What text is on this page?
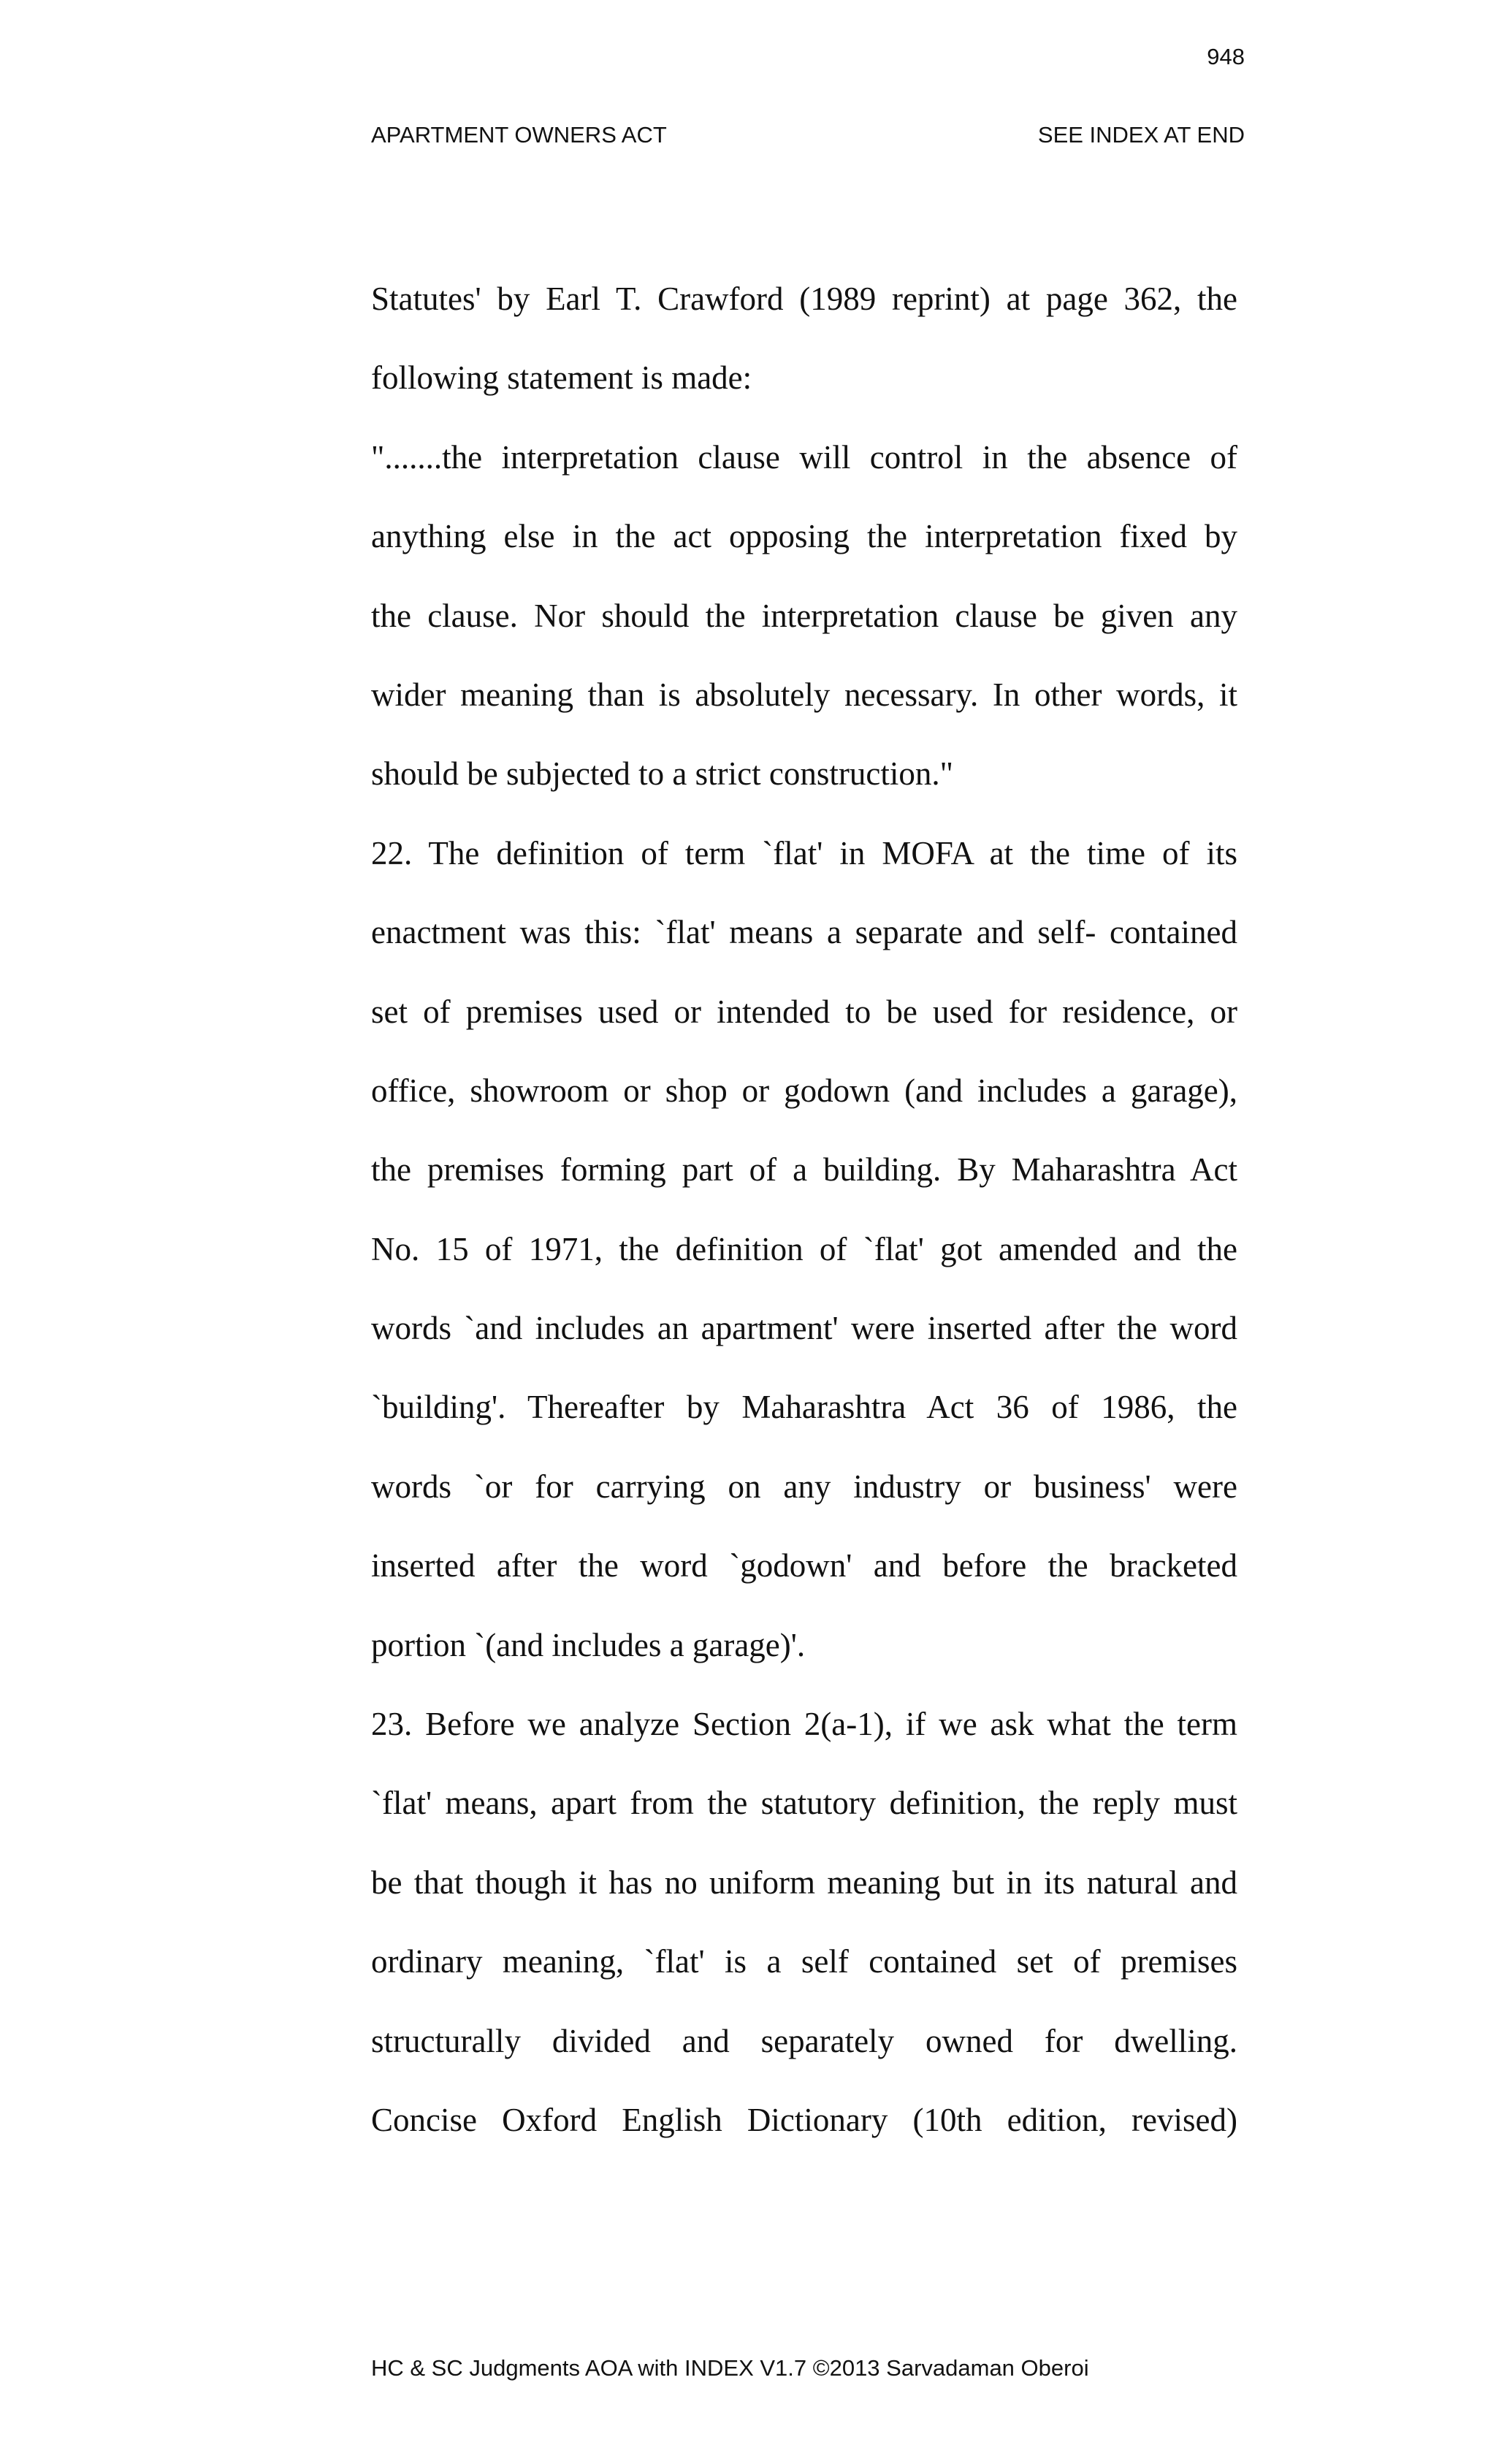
948
APARTMENT OWNERS ACT	SEE INDEX AT END
Statutes' by Earl T. Crawford (1989 reprint) at page 362, the
following statement is made:
".......the interpretation clause will control in the absence of
anything else in the act opposing the interpretation fixed by
the clause. Nor should the interpretation clause be given any
wider meaning than is absolutely necessary. In other words, it
should be subjected to a strict construction."
22. The definition of term `flat' in MOFA at the time of its
enactment was this: `flat' means a separate and self- contained
set of premises used or intended to be used for residence, or
office, showroom or shop or godown (and includes a garage),
the premises forming part of a building. By Maharashtra Act
No. 15 of 1971, the definition of `flat' got amended and the
words `and includes an apartment' were inserted after the word
`building'. Thereafter by Maharashtra Act 36 of 1986, the
words `or for carrying on any industry or business' were
inserted after the word `godown' and before the bracketed
portion `(and includes a garage)'.
23. Before we analyze Section 2(a-1), if we ask what the term
`flat' means, apart from the statutory definition, the reply must
be that though it has no uniform meaning but in its natural and
ordinary meaning, `flat' is a self contained set of premises
structurally divided and separately owned for dwelling.
Concise Oxford English Dictionary (10th edition, revised)
HC & SC Judgments AOA with INDEX V1.7 ©2013 Sarvadaman Oberoi
